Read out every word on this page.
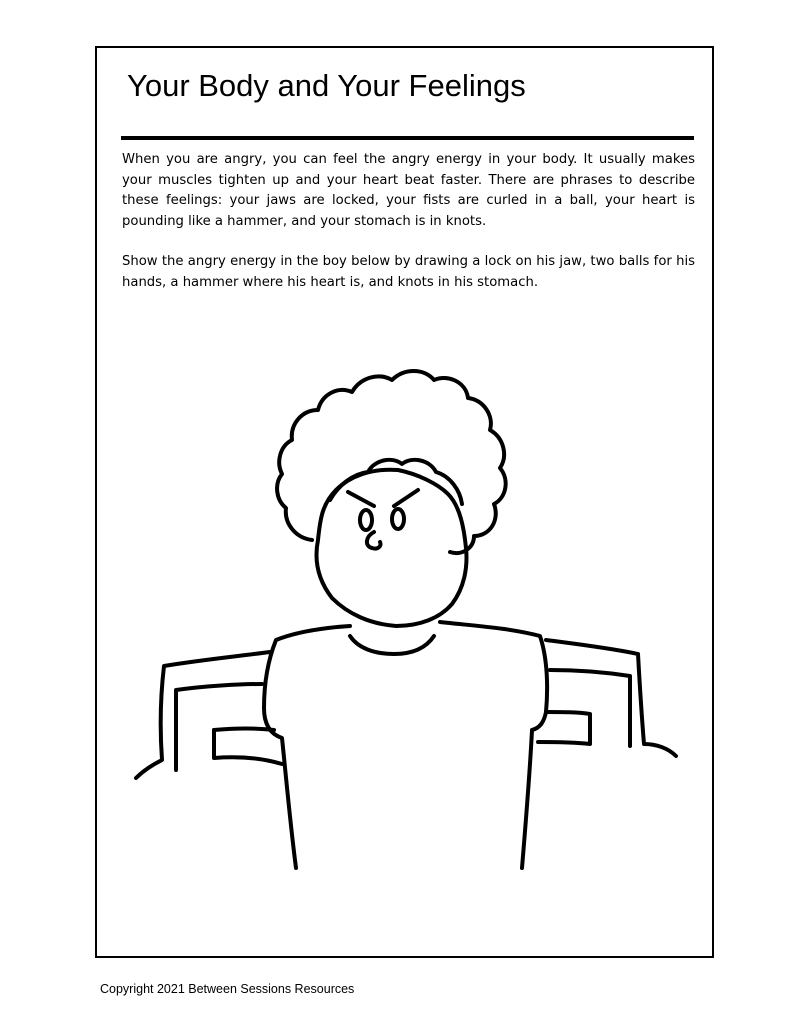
Your Body and Your Feelings

When you are angry, you can feel the angry energy in your body. It usually makes your muscles tighten up and your heart beat faster. There are phrases to describe these feelings: your jaws are locked, your fists are curled in a ball, your heart is pounding like a hammer, and your stomach is in knots.

Show the angry energy in the boy below by drawing a lock on his jaw, two balls for his hands, a hammer where his heart is, and knots in his stomach.

Copyright 2021 Between Sessions Resources
